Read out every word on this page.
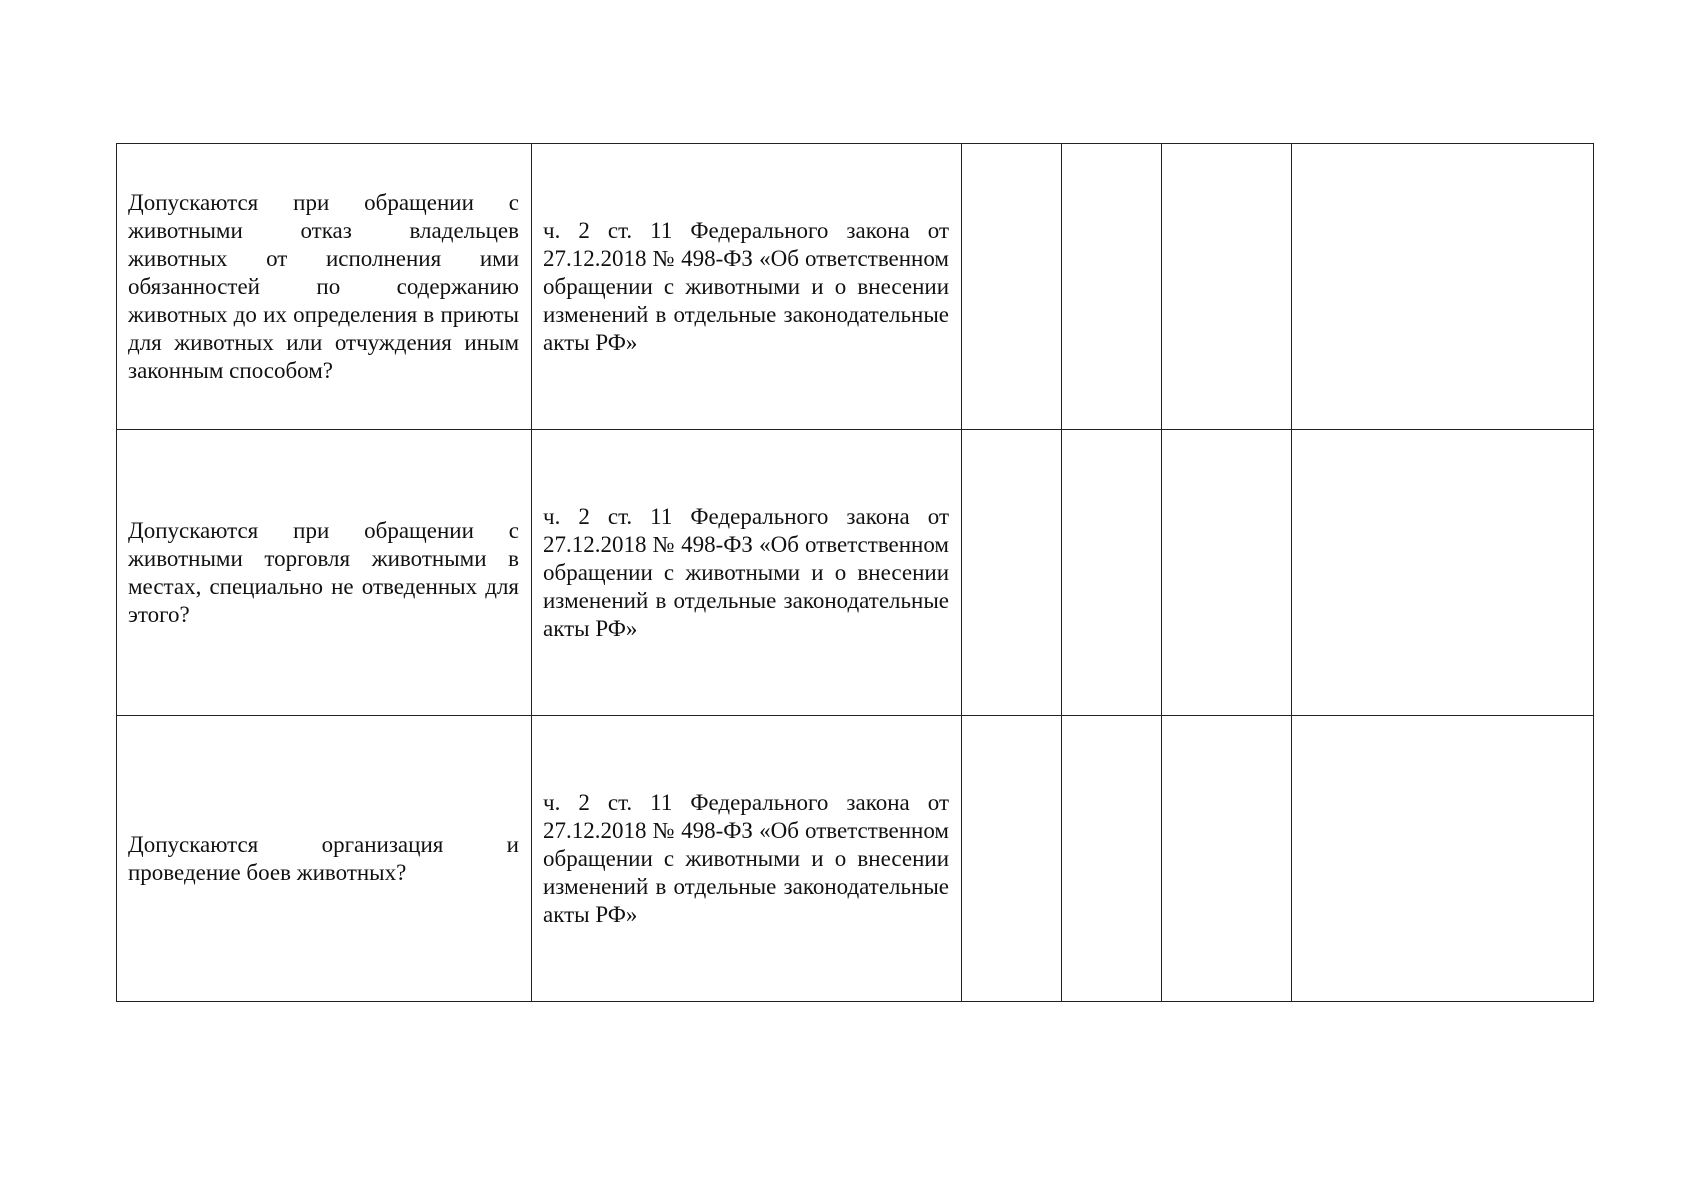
Допускаются при обращении с животными отказ владельцев животных от исполнения ими обязанностей по содержанию животных до их определения в приюты для животных или отчуждения иным законным способом?	ч. 2 ст. 11 Федерального закона от 27.12.2018 № 498-ФЗ «Об ответственном обращении с животными и о внесении изменений в отдельные законодательные акты РФ»				
Допускаются при обращении с животными торговля животными в местах, специально не отведенных для этого?	ч. 2 ст. 11 Федерального закона от 27.12.2018 № 498-ФЗ «Об ответственном обращении с животными и о внесении изменений в отдельные законодательные акты РФ»				
Допускаются организация и проведение боев животных?	ч. 2 ст. 11 Федерального закона от 27.12.2018 № 498-ФЗ «Об ответственном обращении с животными и о внесении изменений в отдельные законодательные акты РФ»				
